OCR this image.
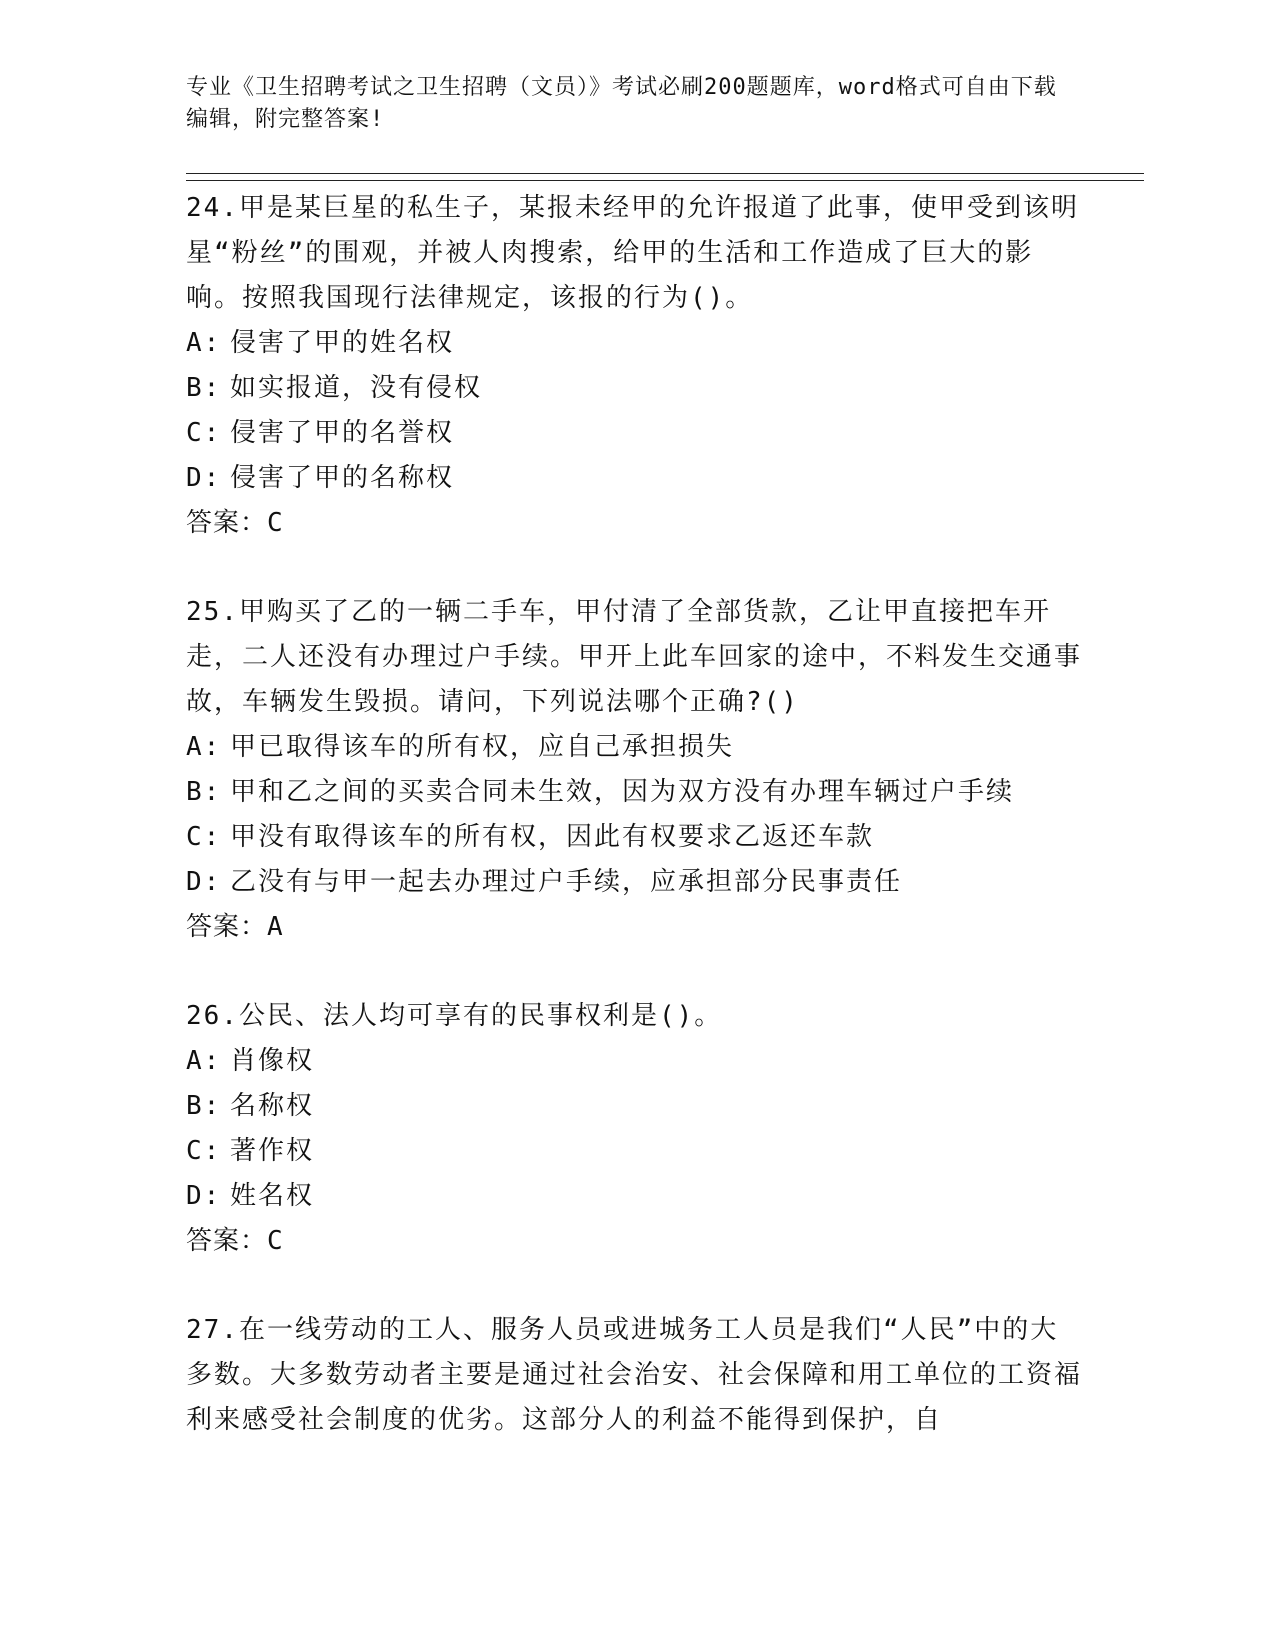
专业《卫生招聘考试之卫生招聘（文员）》考试必刷200题题库，word格式可自由下载编辑，附完整答案!

24.甲是某巨星的私生子，某报未经甲的允许报道了此事，使甲受到该明星“粉丝”的围观，并被人肉搜索，给甲的生活和工作造成了巨大的影响。按照我国现行法律规定，该报的行为()。

A: 侵害了甲的姓名权

B: 如实报道，没有侵权

C: 侵害了甲的名誉权

D: 侵害了甲的名称权

答案：C

25.甲购买了乙的一辆二手车，甲付清了全部货款，乙让甲直接把车开走，二人还没有办理过户手续。甲开上此车回家的途中，不料发生交通事故，车辆发生毁损。请问，下列说法哪个正确?()

A: 甲已取得该车的所有权，应自己承担损失

B: 甲和乙之间的买卖合同未生效，因为双方没有办理车辆过户手续

C: 甲没有取得该车的所有权，因此有权要求乙返还车款

D: 乙没有与甲一起去办理过户手续，应承担部分民事责任

答案：A

26.公民、法人均可享有的民事权利是()。

A: 肖像权

B: 名称权

C: 著作权

D: 姓名权

答案：C

27.在一线劳动的工人、服务人员或进城务工人员是我们“人民”中的大多数。大多数劳动者主要是通过社会治安、社会保障和用工单位的工资福利来感受社会制度的优劣。这部分人的利益不能得到保护，自
